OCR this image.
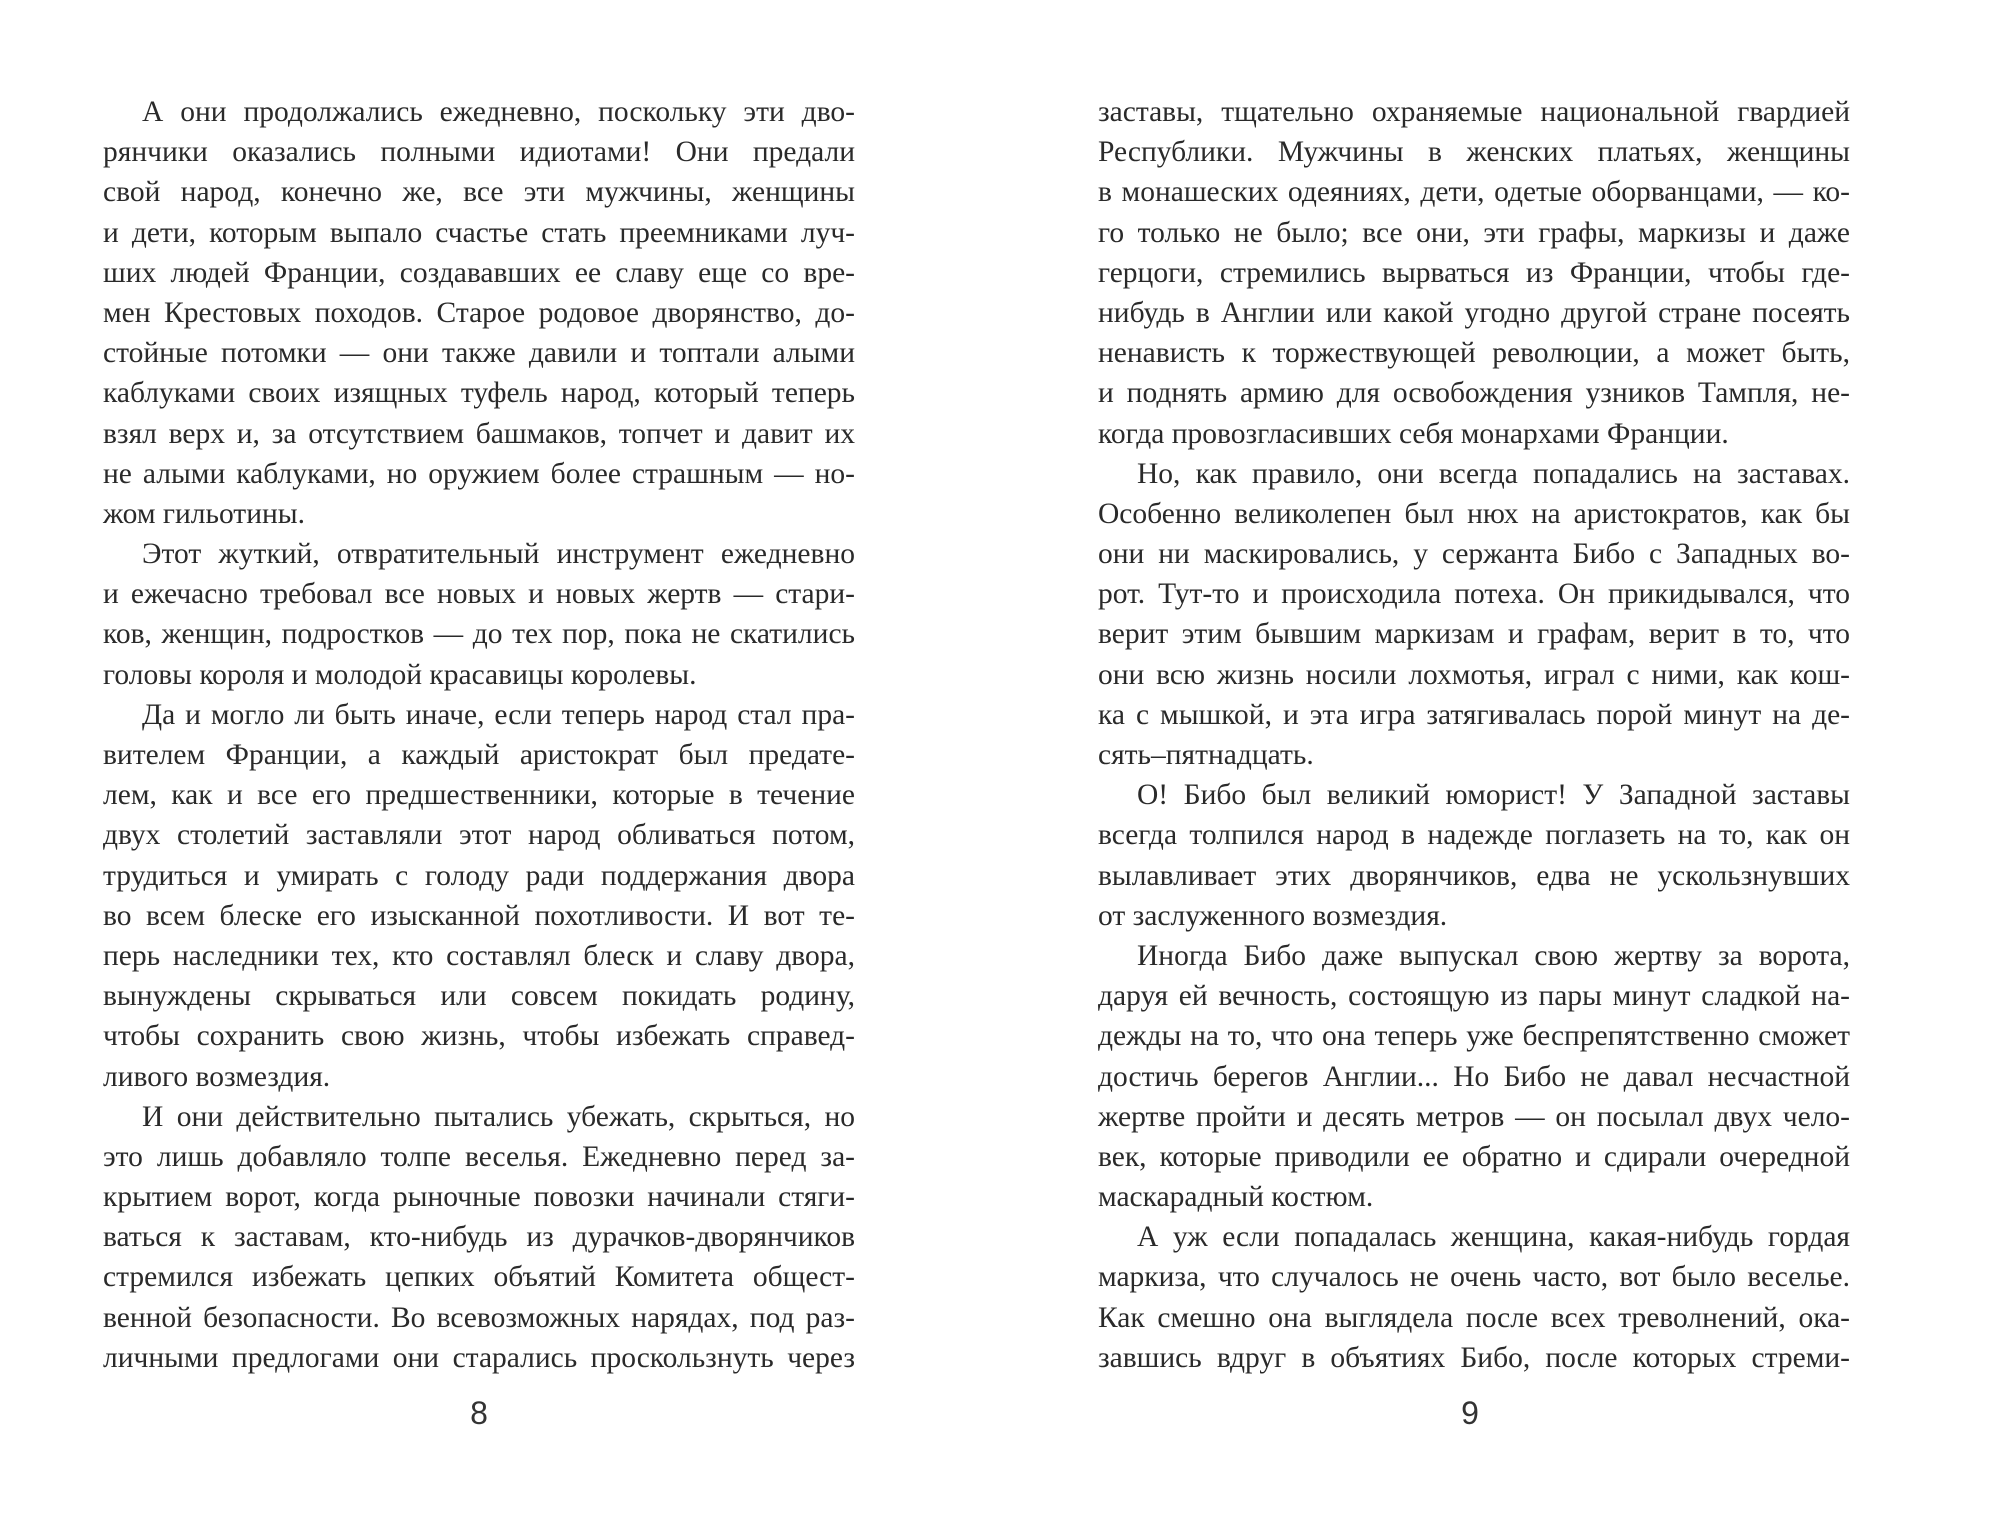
А они продолжались ежедневно, поскольку эти дво-
рянчики оказались полными идиотами! Они предали
свой народ, конечно же, все эти мужчины, женщины
и дети, которым выпало счастье стать преемниками луч-
ших людей Франции, создававших ее славу еще со вре-
мен Крестовых походов. Старое родовое дворянство, до-
стойные потомки — они также давили и топтали алыми
каблуками своих изящных туфель народ, который теперь
взял верх и, за отсутствием башмаков, топчет и давит их
не алыми каблуками, но оружием более страшным — но-
жом гильотины.
Этот жуткий, отвратительный инструмент ежедневно
и ежечасно требовал все новых и новых жертв — стари-
ков, женщин, подростков — до тех пор, пока не скатились
головы короля и молодой красавицы королевы.
Да и могло ли быть иначе, если теперь народ стал пра-
вителем Франции, а каждый аристократ был предате-
лем, как и все его предшественники, которые в течение
двух столетий заставляли этот народ обливаться потом,
трудиться и умирать с голоду ради поддержания двора
во всем блеске его изысканной похотливости. И вот те-
перь наследники тех, кто составлял блеск и славу двора,
вынуждены скрываться или совсем покидать родину,
чтобы сохранить свою жизнь, чтобы избежать справед-
ливого возмездия.
И они действительно пытались убежать, скрыться, но
это лишь добавляло толпе веселья. Ежедневно перед за-
крытием ворот, когда рыночные повозки начинали стяги-
ваться к заставам, кто-нибудь из дурачков-дворянчиков
стремился избежать цепких объятий Комитета общест-
венной безопасности. Во всевозможных нарядах, под раз-
личными предлогами они старались проскользнуть через
8
заставы, тщательно охраняемые национальной гвардией
Республики. Мужчины в женских платьях, женщины
в монашеских одеяниях, дети, одетые оборванцами, — ко-
го только не было; все они, эти графы, маркизы и даже
герцоги, стремились вырваться из Франции, чтобы где-
нибудь в Англии или какой угодно другой стране посеять
ненависть к торжествующей революции, а может быть,
и поднять армию для освобождения узников Тампля, не-
когда провозгласивших себя монархами Франции.
Но, как правило, они всегда попадались на заставах.
Особенно великолепен был нюх на аристократов, как бы
они ни маскировались, у сержанта Бибо с Западных во-
рот. Тут-то и происходила потеха. Он прикидывался, что
верит этим бывшим маркизам и графам, верит в то, что
они всю жизнь носили лохмотья, играл с ними, как кош-
ка с мышкой, и эта игра затягивалась порой минут на де-
сять–пятнадцать.
О! Бибо был великий юморист! У Западной заставы
всегда толпился народ в надежде поглазеть на то, как он
вылавливает этих дворянчиков, едва не ускользнувших
от заслуженного возмездия.
Иногда Бибо даже выпускал свою жертву за ворота,
даруя ей вечность, состоящую из пары минут сладкой на-
дежды на то, что она теперь уже беспрепятственно сможет
достичь берегов Англии... Но Бибо не давал несчастной
жертве пройти и десять метров — он посылал двух чело-
век, которые приводили ее обратно и сдирали очередной
маскарадный костюм.
А уж если попадалась женщина, какая-нибудь гордая
маркиза, что случалось не очень часто, вот было веселье.
Как смешно она выглядела после всех треволнений, ока-
завшись вдруг в объятиях Бибо, после которых стреми-
9
